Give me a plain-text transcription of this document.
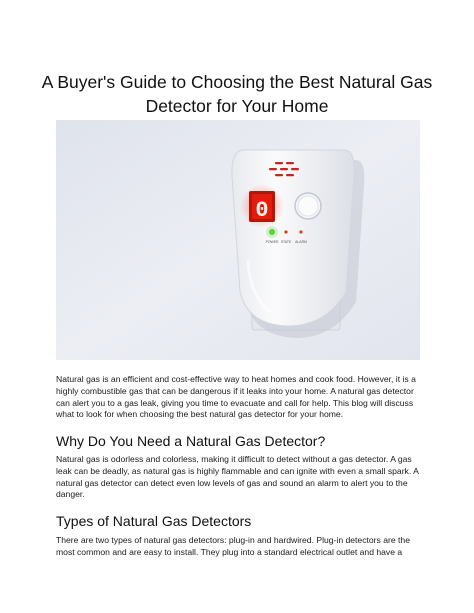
A Buyer's Guide to Choosing the Best Natural Gas
Detector for Your Home
0
POWER STATE ALARM
Natural gas is an efficient and cost-effective way to heat homes and cook food. However, it is a
highly combustible gas that can be dangerous if it leaks into your home. A natural gas detector
can alert you to a gas leak, giving you time to evacuate and call for help. This blog will discuss
what to look for when choosing the best natural gas detector for your home.
Why Do You Need a Natural Gas Detector?
Natural gas is odorless and colorless, making it difficult to detect without a gas detector. A gas
leak can be deadly, as natural gas is highly flammable and can ignite with even a small spark. A
natural gas detector can detect even low levels of gas and sound an alarm to alert you to the
danger.
Types of Natural Gas Detectors
There are two types of natural gas detectors: plug-in and hardwired. Plug-in detectors are the
most common and are easy to install. They plug into a standard electrical outlet and have a
